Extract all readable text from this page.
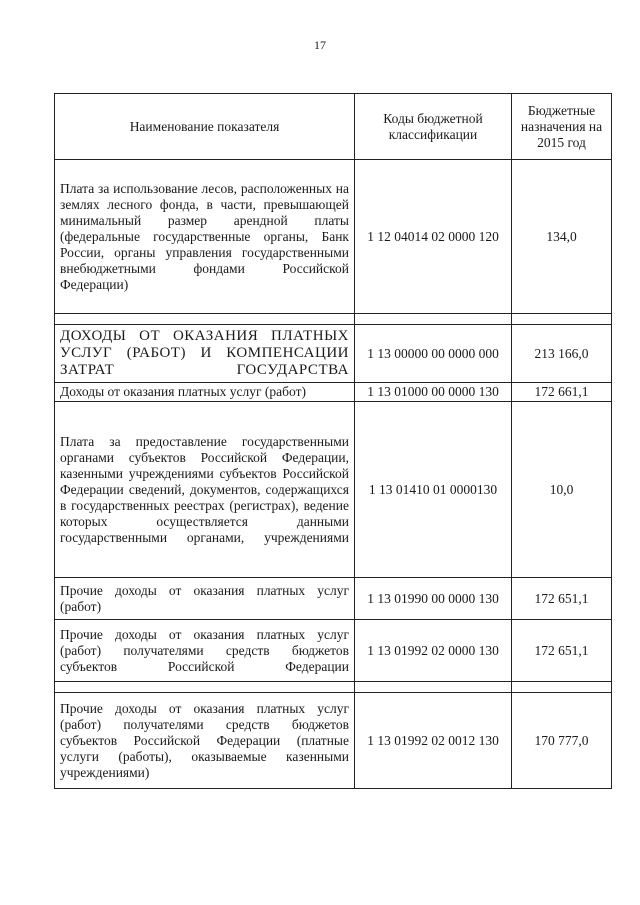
17
Наименование показателя	Коды бюджетной классификации	Бюджетные назначения на 2015 год
Плата за использование лесов, расположенных на землях лесного фонда, в части, превышающей минимальный размер арендной платы (федеральные государственные органы, Банк России, органы управления государственными внебюджетными фондами Российской Федерации)	1 12 04014 02 0000 120	134,0

ДОХОДЫ ОТ ОКАЗАНИЯ ПЛАТНЫХ УСЛУГ (РАБОТ) И КОМПЕНСАЦИИ ЗАТРАТ ГОСУДАРСТВА	1 13 00000 00 0000 000	213 166,0
Доходы от оказания платных услуг (работ)	1 13 01000 00 0000 130	172 661,1
Плата за предоставление государственными органами субъектов Российской Федерации, казенными учреждениями субъектов Российской Федерации сведений, документов, содержащихся в государственных реестрах (регистрах), ведение которых осуществляется данными государственными органами, учреждениями	1 13 01410 01 0000130	10,0
Прочие доходы от оказания платных услуг (работ)	1 13 01990 00 0000 130	172 651,1
Прочие доходы от оказания платных услуг (работ) получателями средств бюджетов субъектов Российской Федерации	1 13 01992 02 0000 130	172 651,1

Прочие доходы от оказания платных услуг (работ) получателями средств бюджетов субъектов Российской Федерации (платные услуги (работы), оказываемые казенными учреждениями)	1 13 01992 02 0012 130	170 777,0
